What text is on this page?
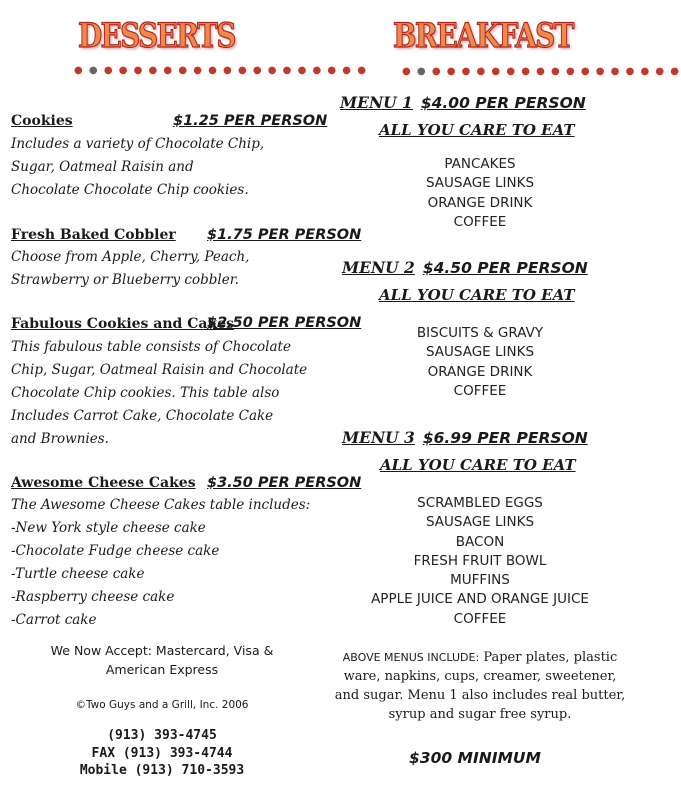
DESSERTS
● ● ● ● ● ● ● ● ● ● ● ● ● ● ● ● ● ● ● ●
Cookies	$1.25 PER PERSON
Includes a variety of Chocolate Chip,
Sugar, Oatmeal Raisin and
Chocolate Chocolate Chip cookies.
Fresh Baked Cobbler $1.75 PER PERSON
Choose from Apple, Cherry, Peach,
Strawberry or Blueberry cobbler.
Fabulous Cookies and Cakes
$2.50 PER PERSON
This fabulous table consists of Chocolate
Chip, Sugar, Oatmeal Raisin and Chocolate
Chocolate Chip cookies. This table also
Includes Carrot Cake, Chocolate Cake
and Brownies.
Awesome Cheese Cakes $3.50 PER PERSON
The Awesome Cheese Cakes table includes:
-New York style cheese cake
-Chocolate Fudge cheese cake
-Turtle cheese cake
-Raspberry cheese cake
-Carrot cake
We Now Accept: Mastercard, Visa &
American Express
©Two Guys and a Grill, Inc. 2006
(913) 393-4745
FAX (913) 393-4744
Mobile (913) 710-3593
BREAKFAST
● ● ● ● ● ● ● ● ● ● ● ● ● ● ● ● ● ● ●
MENU 1 $4.00 PER PERSON
ALL YOU CARE TO EAT
PANCAKES
SAUSAGE LINKS
ORANGE DRINK
COFFEE
MENU 2 $4.50 PER PERSON
ALL YOU CARE TO EAT
BISCUITS & GRAVY
SAUSAGE LINKS
ORANGE DRINK
COFFEE
MENU 3 $6.99 PER PERSON
ALL YOU CARE TO EAT
SCRAMBLED EGGS
SAUSAGE LINKS
BACON
FRESH FRUIT BOWL
MUFFINS
APPLE JUICE AND ORANGE JUICE
COFFEE
ABOVE MENUS INCLUDE: Paper plates, plastic
ware, napkins, cups, creamer, sweetener,
and sugar. Menu 1 also includes real butter,
syrup and sugar free syrup.
$300 MINIMUM
